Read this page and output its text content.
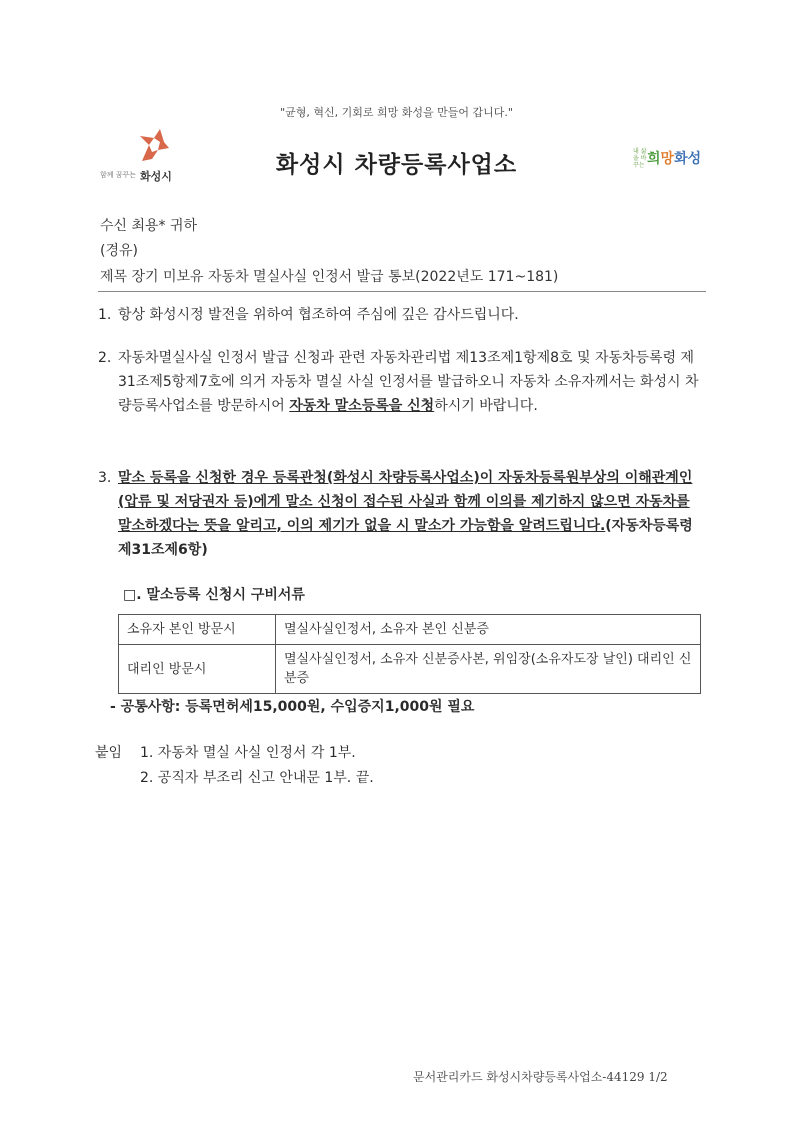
"균형, 혁신, 기회로 희망 화성을 만들어 갑니다."
함께 꿈꾸는 화성시	화성시 차량등록사업소
내 삶을 바꾸는 희망화성
수신 최용* 귀하
(경유)
제목 장기 미보유 자동차 멸실사실 인정서 발급 통보(2022년도 171~181)
1. 항상 화성시정 발전을 위하여 협조하여 주심에 깊은 감사드립니다.
2. 자동차멸실사실 인정서 발급 신청과 관련 자동차관리법 제13조제1항제8호 및 자동차등록령 제31조제5항제7호에 의거 자동차 멸실 사실 인정서를 발급하오니 자동차 소유자께서는 화성시 차량등록사업소를 방문하시어 자동차 말소등록을 신청하시기 바랍니다.
3. 말소 등록을 신청한 경우 등록관청(화성시 차량등록사업소)이 자동차등록원부상의 이해관계인(압류 및 저당권자 등)에게 말소 신청이 접수된 사실과 함께 이의를 제기하지 않으면 자동차를 말소하겠다는 뜻을 알리고, 이의 제기가 없을 시 말소가 가능함을 알려드립니다.(자동차등록령 제31조제6항)
□. 말소등록 신청시 구비서류
소유자 본인 방문시	멸실사실인정서, 소유자 본인 신분증
대리인 방문시	멸실사실인정서, 소유자 신분증사본, 위임장(소유자도장 날인) 대리인 신분증
- 공통사항: 등록면허세15,000원, 수입증지1,000원 필요
붙임 1. 자동차 멸실 사실 인정서 각 1부.
2. 공직자 부조리 신고 안내문 1부. 끝.
문서관리카드 화성시차량등록사업소-44129 1/2
